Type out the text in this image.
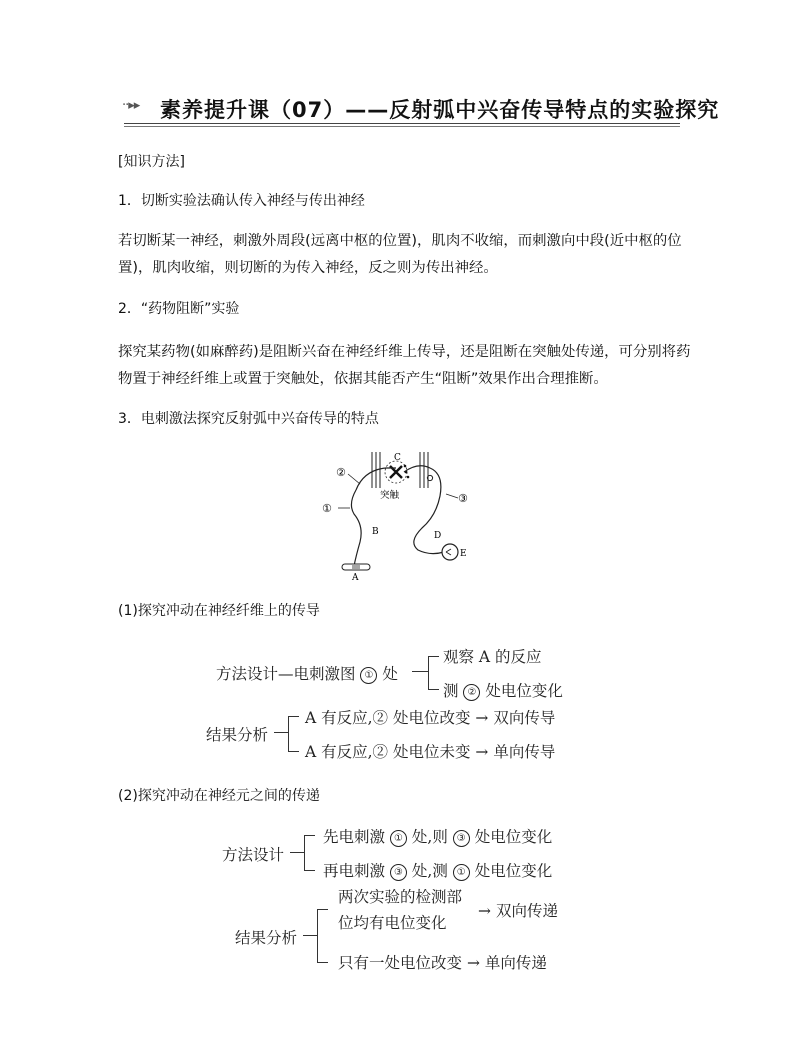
··▸▸ 素养提升课（07）——反射弧中兴奋传导特点的实验探究
[知识方法]
1．切断实验法确认传入神经与传出神经
若切断某一神经，刺激外周段(远离中枢的位置)，肌肉不收缩，而刺激向中段(近中枢的位
置)，肌肉收缩，则切断的为传入神经，反之则为传出神经。
2．“药物阻断”实验
探究某药物(如麻醉药)是阻断兴奋在神经纤维上传导，还是阻断在突触处传递，可分别将药
物置于神经纤维上或置于突触处，依据其能否产生“阻断”效果作出合理推断。
3．电刺激法探究反射弧中兴奋传导的特点
②
①
③
C
突触
B
A
D
E
(1)探究冲动在神经纤维上的传导
方法设计—电刺激图 ① 处
观察 A 的反应
测 ② 处电位变化
结果分析
A 有反应,② 处电位改变 → 双向传导
A 有反应,② 处电位未变 → 单向传导
(2)探究冲动在神经元之间的传递
方法设计
先电刺激 ① 处,则 ③ 处电位变化
再电刺激 ③ 处,测 ① 处电位变化
结果分析
两次实验的检测部
位均有电位变化
→ 双向传递
只有一处电位改变 → 单向传递
